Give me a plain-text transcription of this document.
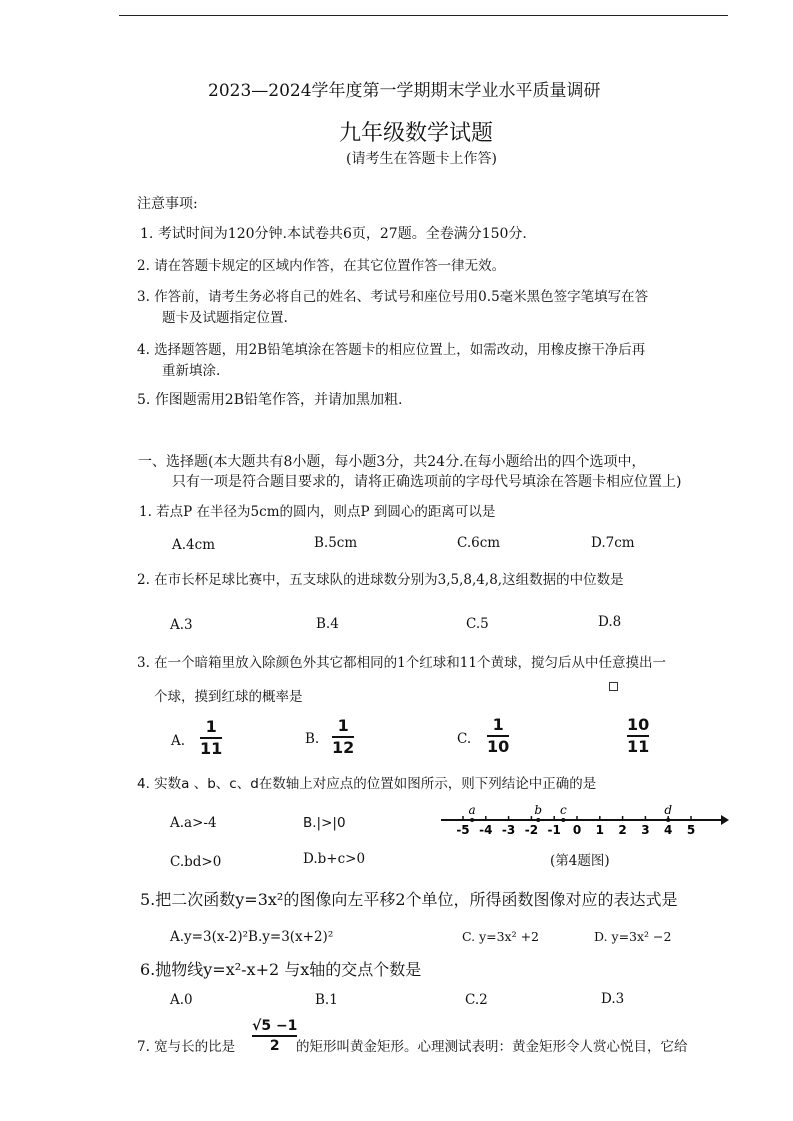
2023—2024学年度第一学期期末学业水平质量调研
九年级数学试题
(请考生在答题卡上作答)
注意事项:
1. 考试时间为120分钟.本试卷共6页，27题。全卷满分150分.
2. 请在答题卡规定的区域内作答，在其它位置作答一律无效。
3. 作答前，请考生务必将自己的姓名、考试号和座位号用0.5毫米黑色签字笔填写在答
题卡及试题指定位置.
4. 选择题答题，用2B铅笔填涂在答题卡的相应位置上，如需改动，用橡皮擦干净后再
重新填涂.
5. 作图题需用2B铅笔作答，并请加黑加粗.
一、选择题(本大题共有8小题，每小题3分，共24分.在每小题给出的四个选项中，
只有一项是符合题目要求的，请将正确选项前的字母代号填涂在答题卡相应位置上)
1. 若点P 在半径为5cm的圆内，则点P 到圆心的距离可以是
A.4cm	B.5cm	C.6cm	D.7cm
2. 在市长杯足球比赛中，五支球队的进球数分别为3,5,8,4,8,这组数据的中位数是
A.3	B.4	C.5	D.8
3. 在一个暗箱里放入除颜色外其它都相同的1个红球和11个黄球，搅匀后从中任意摸出一
个球，摸到红球的概率是
A.
1
11	B.
1
12	C.
1
10
10
11
4. 实数a 、b、c、d在数轴上对应点的位置如图所示，则下列结论中正确的是
A.a>-4	B.|>|0
C.bd>0	D.b+c>0
-5 -4 -3 -2 -1 0 1 2 3 4 5
a	b c	d
(第4题图)
5.把二次函数y=3x²的图像向左平移2个单位，所得函数图像对应的表达式是
A.y=3(x-2)²B.y=3(x+2)²	C. y=3x² +2	D. y=3x² −2
6.抛物线y=x²-x+2 与x轴的交点个数是
A.0	B.1	C.2	D.3
7. 宽与长的比是
√5 −1
2 的矩形叫黄金矩形。心理测试表明：黄金矩形令人赏心悦目，它给
